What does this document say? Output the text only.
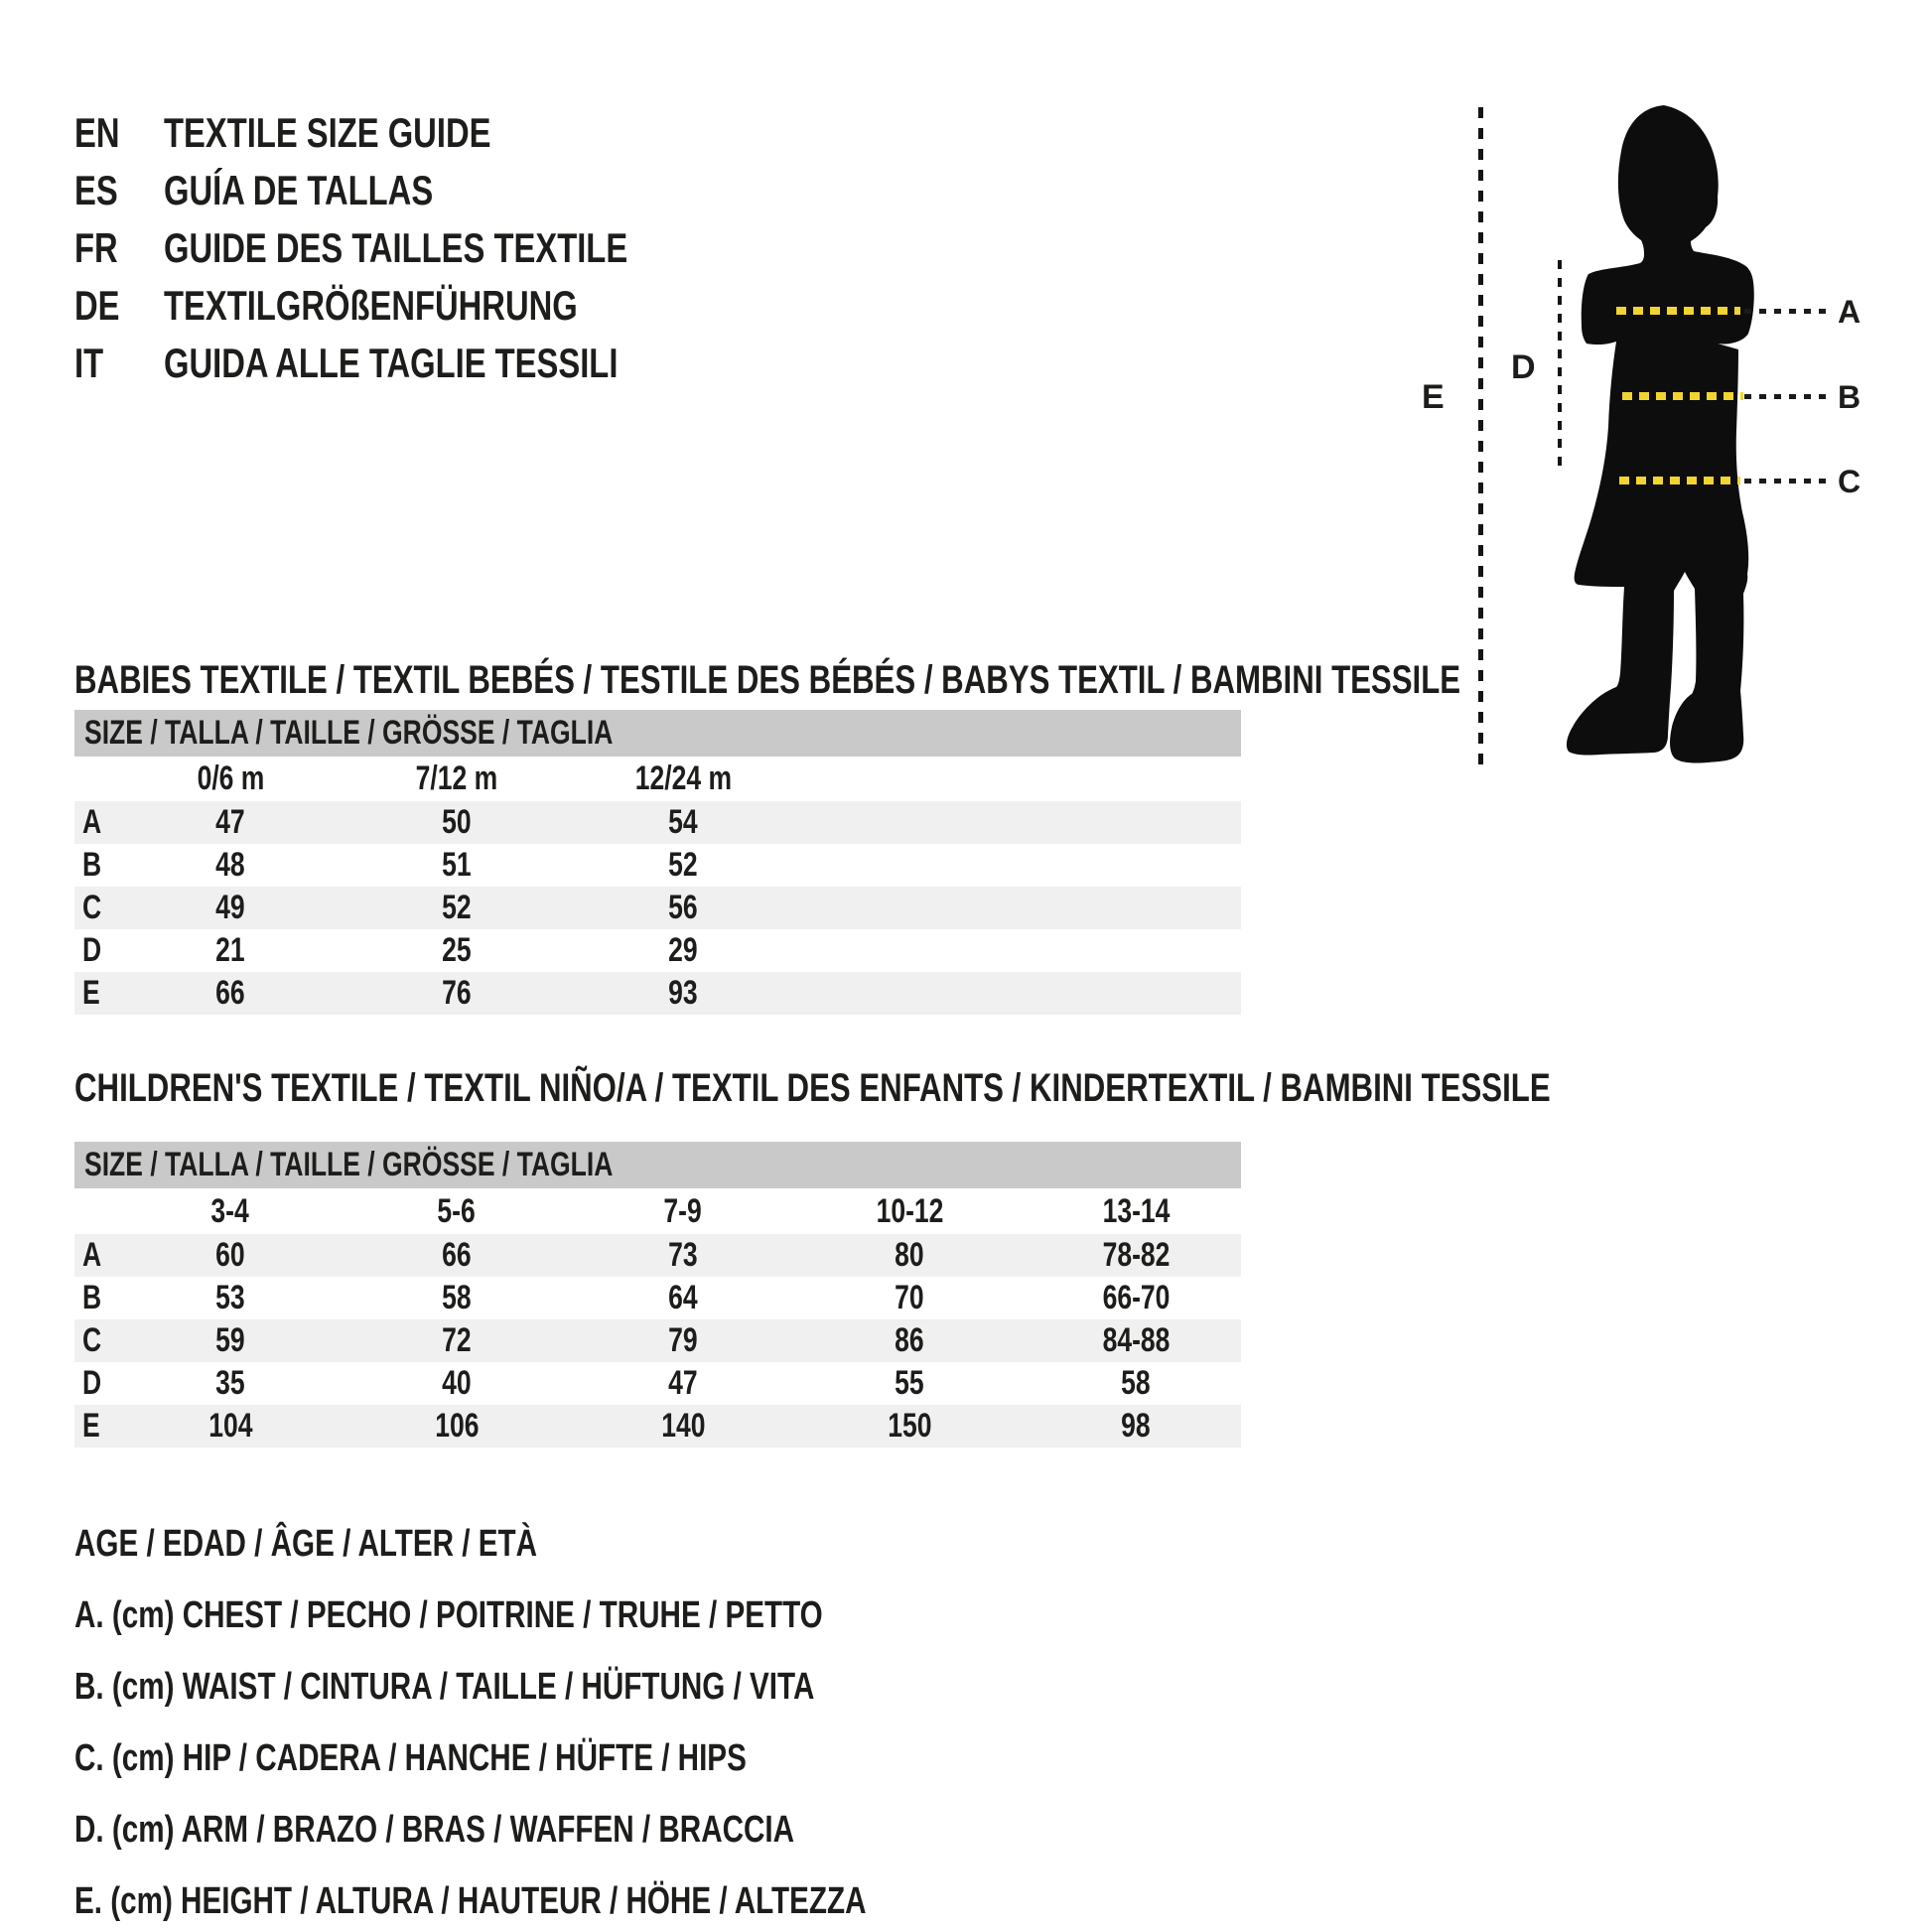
EN	TEXTILE SIZE GUIDE
ES GUÍA DE TALLAS
FR GUIDE DES TAILLES TEXTILE
DE	TEXTILGRÖßENFÜHRUNG
IT GUIDA ALLE TAGLIE TESSILI
A
B
C
D
E
BABIES TEXTILE / TEXTIL BEBÉS / TESTILE DES BÉBÉS / BABYS TEXTIL / BAMBINI TESSILE
SIZE / TALLA / TAILLE / GRÖSSE / TAGLIA
0/6 m	7/12 m	12/24 m
A	47	50	54
B	48	51	52
C	49	52	56
D	21	25	29
E	66	76	93
CHILDREN'S TEXTILE / TEXTIL NIÑO/A / TEXTIL DES ENFANTS / KINDERTEXTIL / BAMBINI TESSILE
SIZE / TALLA / TAILLE / GRÖSSE / TAGLIA
3-4	5-6	7-9	10-12	13-14
A	60	66	73	80	78-82
B	53	58	64	70	66-70
C	59	72	79	86	84-88
D	35	40	47	55	58
E	104	106	140	150	98
AGE / EDAD / ÂGE / ALTER / ETÀ
A. (cm) CHEST / PECHO / POITRINE / TRUHE / PETTO
B. (cm) WAIST / CINTURA / TAILLE / HÜFTUNG / VITA
C. (cm) HIP / CADERA / HANCHE / HÜFTE / HIPS
D. (cm) ARM / BRAZO / BRAS / WAFFEN / BRACCIA
E. (cm) HEIGHT / ALTURA / HAUTEUR / HÖHE / ALTEZZA
